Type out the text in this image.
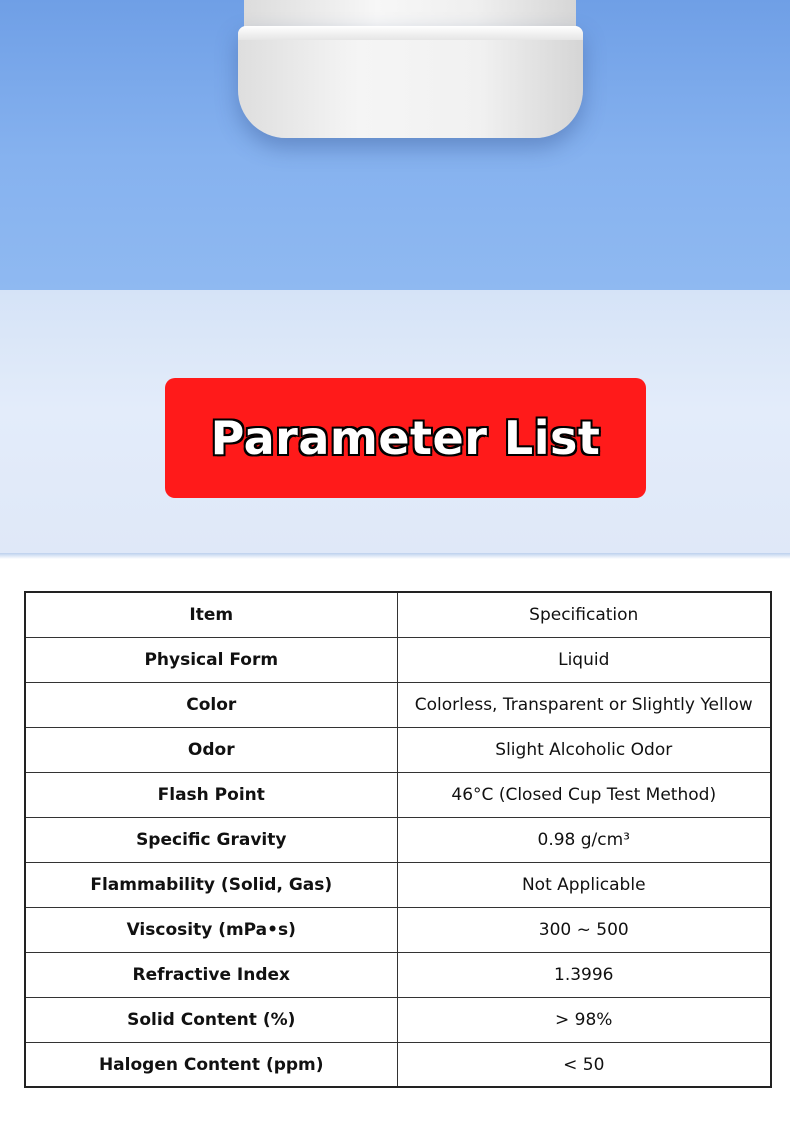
Parameter List
Item	Specification
Physical Form	Liquid
Color	Colorless, Transparent or Slightly Yellow
Odor	Slight Alcoholic Odor
Flash Point	46°C (Closed Cup Test Method)
Specific Gravity	0.98 g/cm³
Flammability (Solid, Gas)	Not Applicable
Viscosity (mPa•s)	300 ~ 500
Refractive Index	1.3996
Solid Content (%)	> 98%
Halogen Content (ppm)	< 50
